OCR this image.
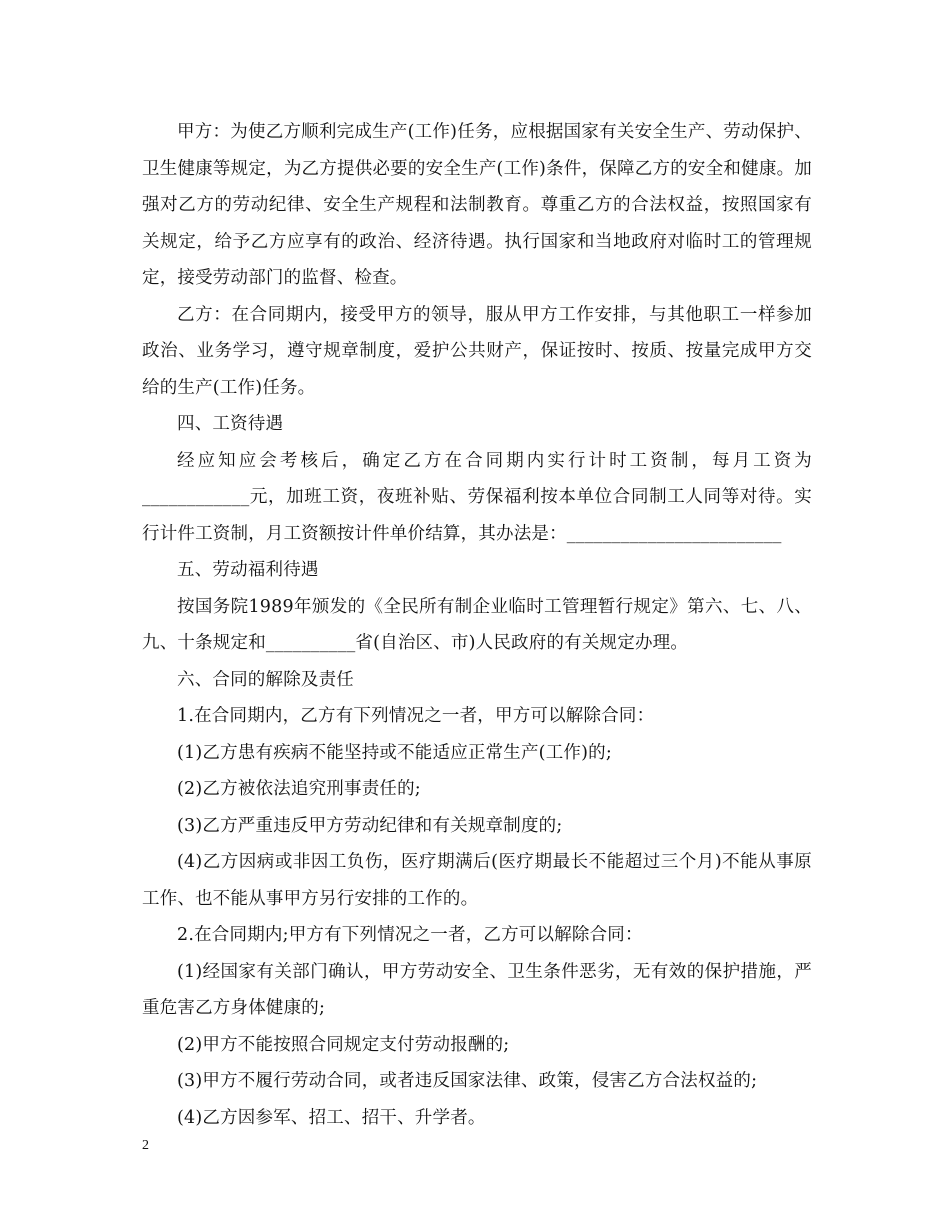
甲方：为使乙方顺利完成生产(工作)任务，应根据国家有关安全生产、劳动保护、卫生健康等规定，为乙方提供必要的安全生产(工作)条件，保障乙方的安全和健康。加强对乙方的劳动纪律、安全生产规程和法制教育。尊重乙方的合法权益，按照国家有关规定，给予乙方应享有的政治、经济待遇。执行国家和当地政府对临时工的管理规定，接受劳动部门的监督、检查。

乙方：在合同期内，接受甲方的领导，服从甲方工作安排，与其他职工一样参加政治、业务学习，遵守规章制度，爱护公共财产，保证按时、按质、按量完成甲方交给的生产(工作)任务。

四、工资待遇

经应知应会考核后，确定乙方在合同期内实行计时工资制，每月工资为____________元，加班工资，夜班补贴、劳保福利按本单位合同制工人同等对待。实行计件工资制，月工资额按计件单价结算，其办法是：________________________

五、劳动福利待遇

按国务院1989年颁发的《全民所有制企业临时工管理暂行规定》第六、七、八、九、十条规定和__________省(自治区、市)人民政府的有关规定办理。

六、合同的解除及责任

1.在合同期内，乙方有下列情况之一者，甲方可以解除合同：

(1)乙方患有疾病不能坚持或不能适应正常生产(工作)的;

(2)乙方被依法追究刑事责任的;

(3)乙方严重违反甲方劳动纪律和有关规章制度的;

(4)乙方因病或非因工负伤，医疗期满后(医疗期最长不能超过三个月)不能从事原工作、也不能从事甲方另行安排的工作的。

2.在合同期内;甲方有下列情况之一者，乙方可以解除合同：

(1)经国家有关部门确认，甲方劳动安全、卫生条件恶劣，无有效的保护措施，严重危害乙方身体健康的;

(2)甲方不能按照合同规定支付劳动报酬的;

(3)甲方不履行劳动合同，或者违反国家法律、政策，侵害乙方合法权益的;

(4)乙方因参军、招工、招干、升学者。

2
